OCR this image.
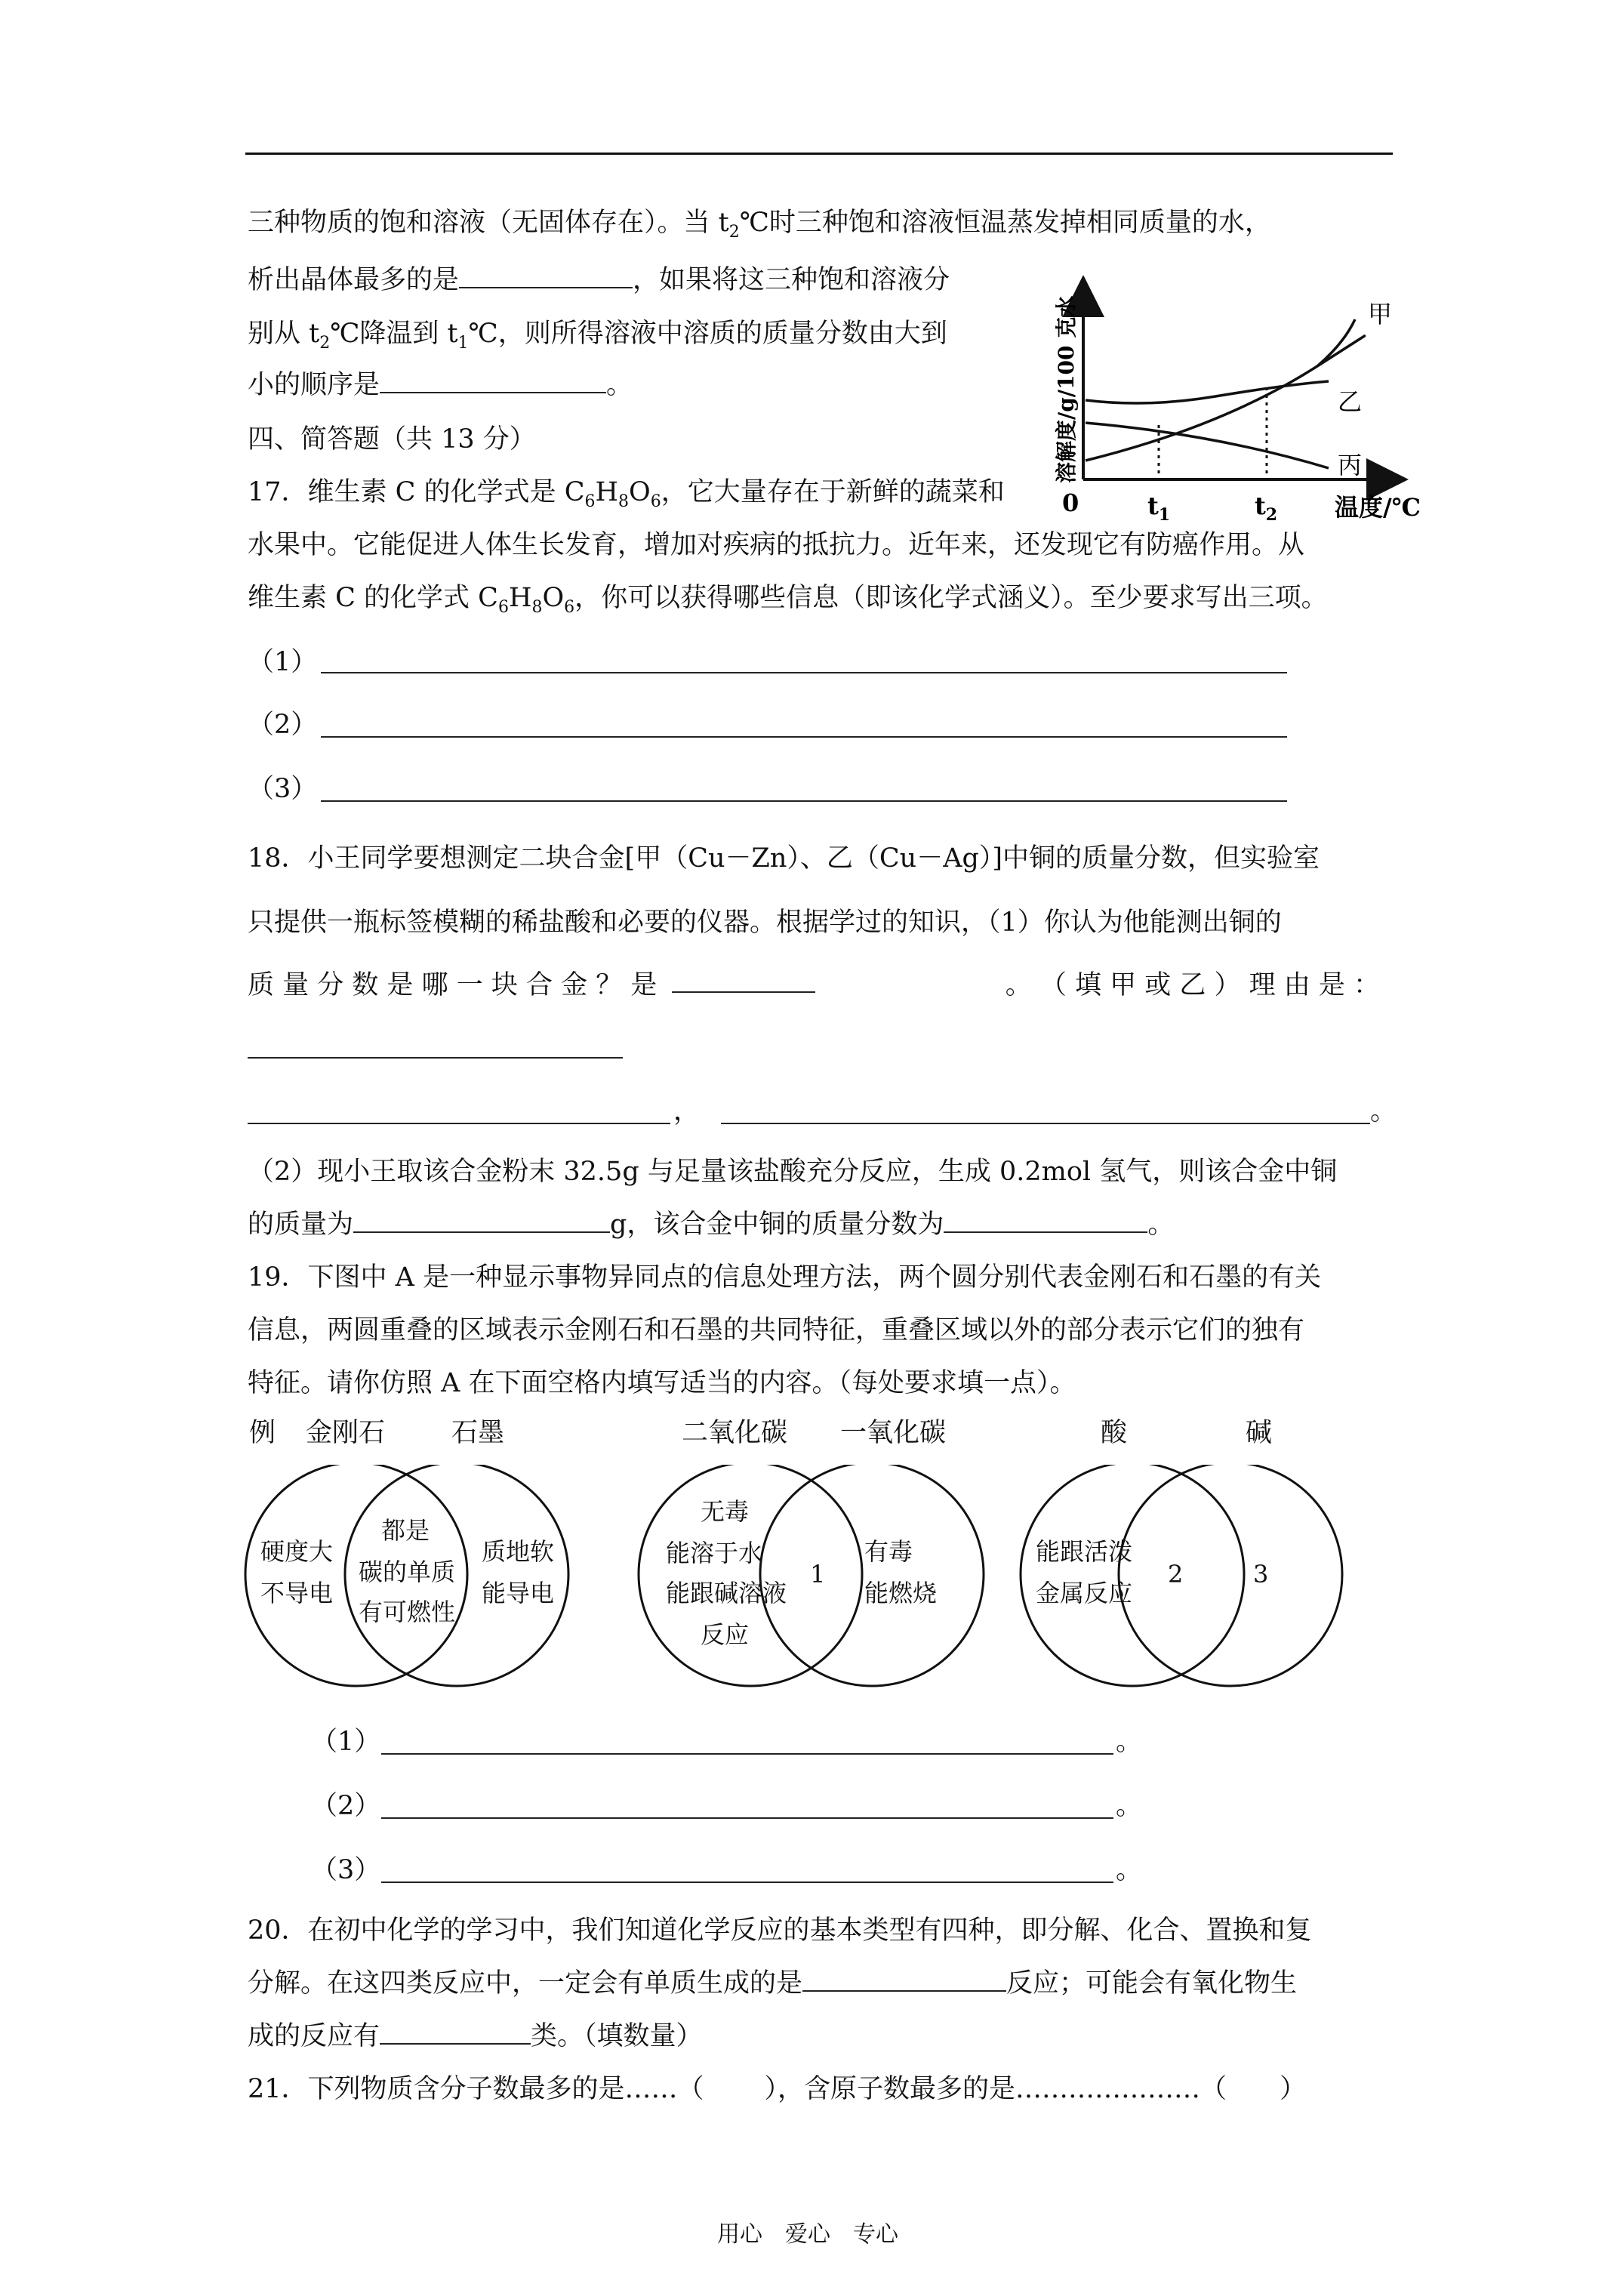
三种物质的饱和溶液（无固体存在）。当 $t_2℃$时三种饱和溶液恒温蒸发掉相同质量的水，
析出晶体最多的是	，如果将这三种饱和溶液分
别从 $t_2℃$降温到 $t_1℃$，则所得溶液中溶质的质量分数由大到
小的顺序是	。
甲
乙
丙
0	$t_1$	$t_2$ 温度/℃
溶解度/g/100 克水
四、简答题（共 13 分）
17．维生素 C 的化学式是 $C_6H_8O_6$，它大量存在于新鲜的蔬菜和
水果中。它能促进人体生长发育，增加对疾病的抵抗力。近年来，还发现它有防癌作用。从
维生素 C 的化学式 $C_6H_8O_6$，你可以获得哪些信息（即该化学式涵义）。至少要求写出三项。
（1）
（2）
（3）
18．小王同学要想测定二块合金[甲（Cu－Zn）、乙（Cu－Ag）]中铜的质量分数，但实验室
只提供一瓶标签模糊的稀盐酸和必要的仪器。根据学过的知识，（1）你认为他能测出铜的
质 量 分 数 是 哪 一 块 合 金 ？ 是	。 （ 填 甲 或 乙 ） 理 由 是 ：
，	。
（2）现小王取该合金粉末 32.5g 与足量该盐酸充分反应，生成 0.2mol 氢气，则该合金中铜
的质量为	g，该合金中铜的质量分数为	。
19．下图中 A 是一种显示事物异同点的信息处理方法，两个圆分别代表金刚石和石墨的有关
信息，两圆重叠的区域表示金刚石和石墨的共同特征，重叠区域以外的部分表示它们的独有
特征。请你仿照 A 在下面空格内填写适当的内容。（每处要求填一点）。
例 金刚石	石墨	二氧化碳 一氧化碳	酸	碱
硬度大
不导电
都是
碳的单质
有可燃性
质地软
能导电
无毒
能溶于水
能跟碱溶液
反应
1
有毒
能燃烧
能跟活泼
金属反应
2	3
（1）	。
（2）	。
（3）	。
20．在初中化学的学习中，我们知道化学反应的基本类型有四种，即分解、化合、置换和复
分解。在这四类反应中，一定会有单质生成的是	反应；可能会有氧化物生
成的反应有	类。（填数量）
21．下列物质含分子数最多的是……（ ），含原子数最多的是…………………（ ）
用心　爱心　专心
